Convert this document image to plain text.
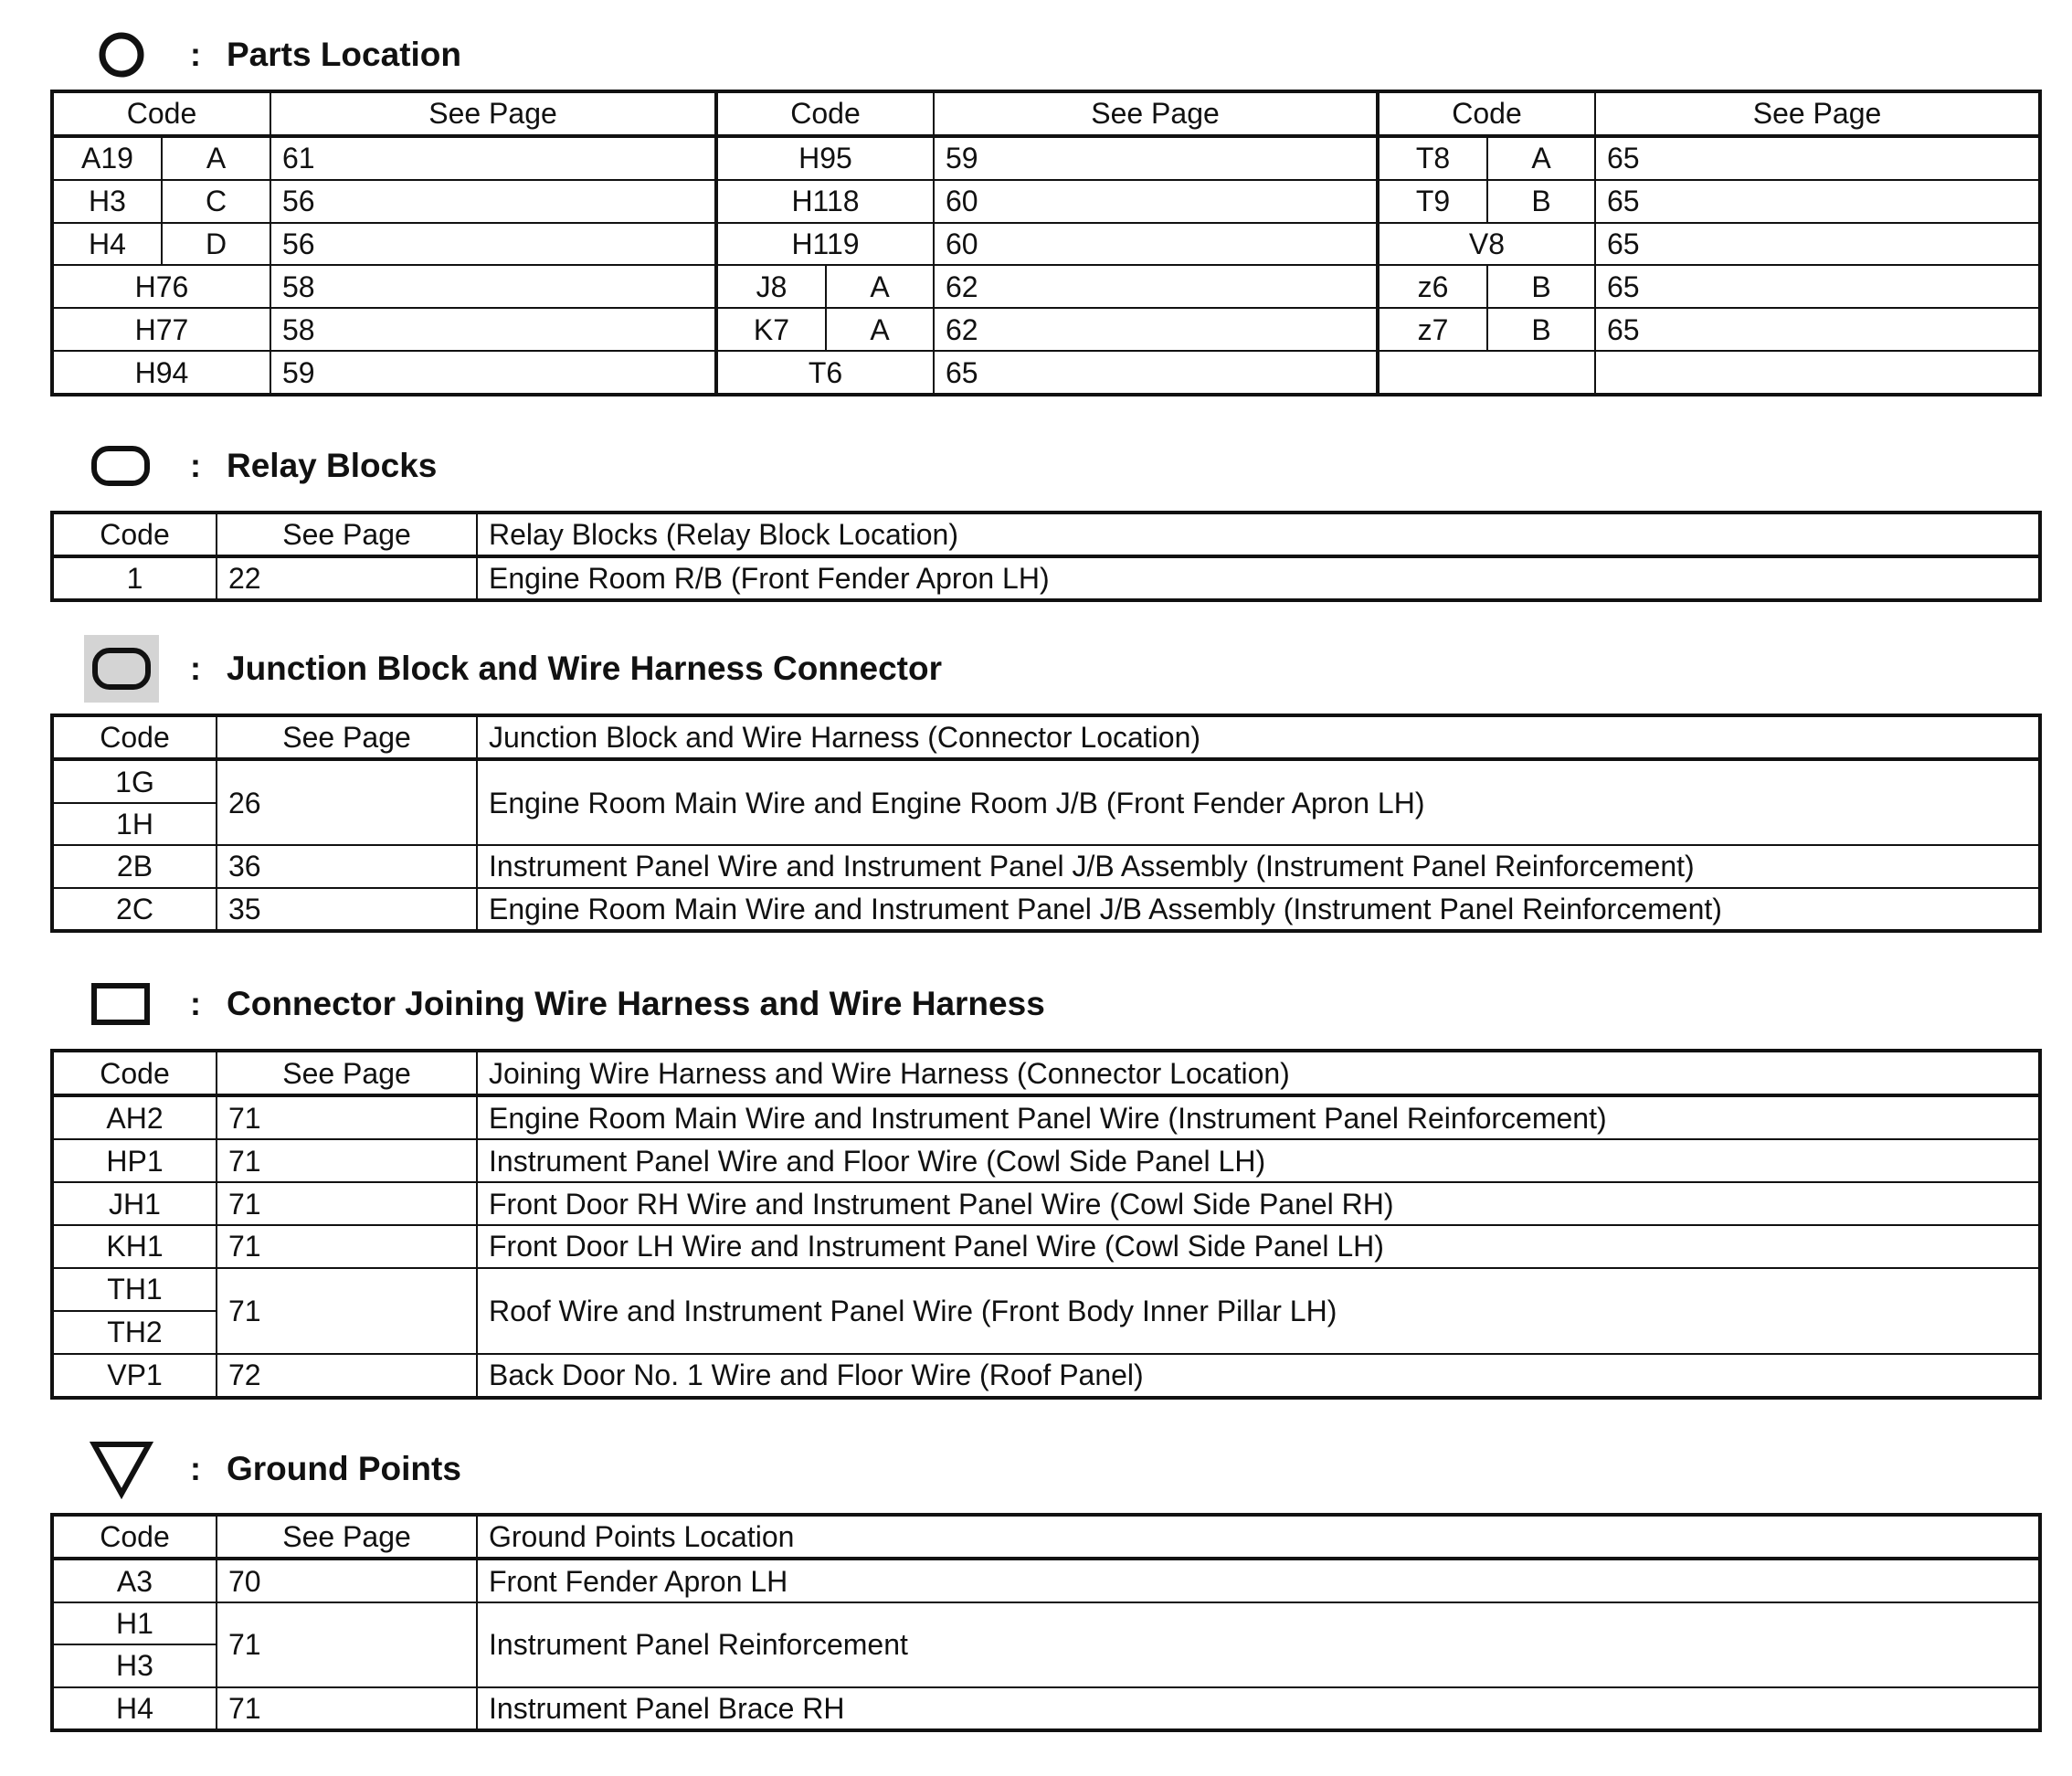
: Parts Location
Code		See Page	Code		See Page	Code		See Page
A19	A	61	H95		59	T8	A	65
H3	C	56	H118		60	T9	B	65
H4	D	56	H119		60	V8		65
H76		58	J8	A	62	z6	B	65
H77		58	K7	A	62	z7	B	65
H94		59	T6		65			
: Relay Blocks
Code	See Page	Relay Blocks (Relay Block Location)
1	22	Engine Room R/B (Front Fender Apron LH)
: Junction Block and Wire Harness Connector
Code	See Page	Junction Block and Wire Harness (Connector Location)
1G	26	Engine Room Main Wire and Engine Room J/B (Front Fender Apron LH)
1H		
2B	36	Instrument Panel Wire and Instrument Panel J/B Assembly (Instrument Panel Reinforcement)
2C	35	Engine Room Main Wire and Instrument Panel J/B Assembly (Instrument Panel Reinforcement)
: Connector Joining Wire Harness and Wire Harness
Code	See Page	Joining Wire Harness and Wire Harness (Connector Location)
AH2	71	Engine Room Main Wire and Instrument Panel Wire (Instrument Panel Reinforcement)
HP1	71	Instrument Panel Wire and Floor Wire (Cowl Side Panel LH)
JH1	71	Front Door RH Wire and Instrument Panel Wire (Cowl Side Panel RH)
KH1	71	Front Door LH Wire and Instrument Panel Wire (Cowl Side Panel LH)
TH1	71	Roof Wire and Instrument Panel Wire (Front Body Inner Pillar LH)
TH2		
VP1	72	Back Door No. 1 Wire and Floor Wire (Roof Panel)
: Ground Points
Code	See Page	Ground Points Location
A3	70	Front Fender Apron LH
H1	71	Instrument Panel Reinforcement
H3		
H4	71	Instrument Panel Brace RH
